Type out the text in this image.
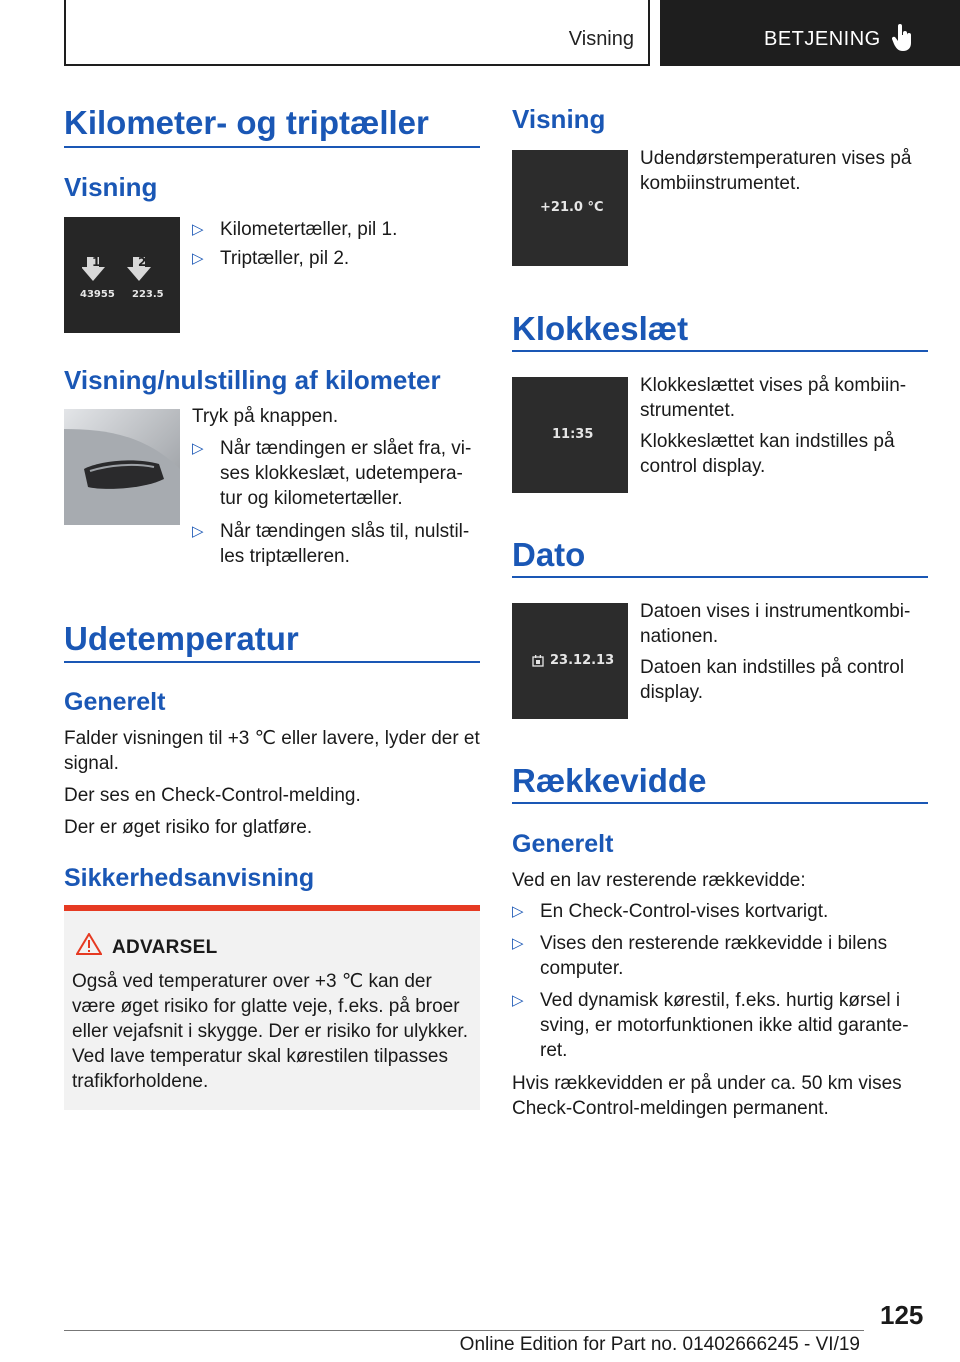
Visning	BETJENING
Kilometer- og triptæller
Visning
1	2
43955 223.5
▷ Kilometertæller, pil 1.
▷ Triptæller, pil 2.
Visning/nulstilling af kilometer
Tryk på knappen.
▷ Når tændingen er slået fra, vi-
ses klokkeslæt, udetempera-
tur og kilometertæller.
▷ Når tændingen slås til, nulstil-
les triptælleren.
Udetemperatur
Generelt
Falder visningen til +3 ℃ eller lavere, lyder der et
signal.
Der ses en Check-Control-melding.
Der er øget risiko for glatføre.
Sikkerhedsanvisning
ADVARSEL
Også ved temperaturer over +3 ℃ kan der
være øget risiko for glatte veje, f.eks. på broer
eller vejafsnit i skygge. Der er risiko for ulykker.
Ved lave temperatur skal kørestilen tilpasses
trafikforholdene.
Visning
+21.0 °C
Udendørstemperaturen vises på
kombiinstrumentet.
Klokkeslæt
11:35
Klokkeslættet vises på kombiin-
strumentet.
Klokkeslættet kan indstilles på
control display.
Dato
23.12.13
Datoen vises i instrumentkombi-
nationen.
Datoen kan indstilles på control
display.
Rækkevidde
Generelt
Ved en lav resterende rækkevidde:
▷ En Check-Control-vises kortvarigt.
▷ Vises den resterende rækkevidde i bilens
computer.
▷ Ved dynamisk kørestil, f.eks. hurtig kørsel i
sving, er motorfunktionen ikke altid garante-
ret.
Hvis rækkevidden er på under ca. 50 km vises
Check-Control-meldingen permanent.
125
Online Edition for Part no. 01402666245 - VI/19
